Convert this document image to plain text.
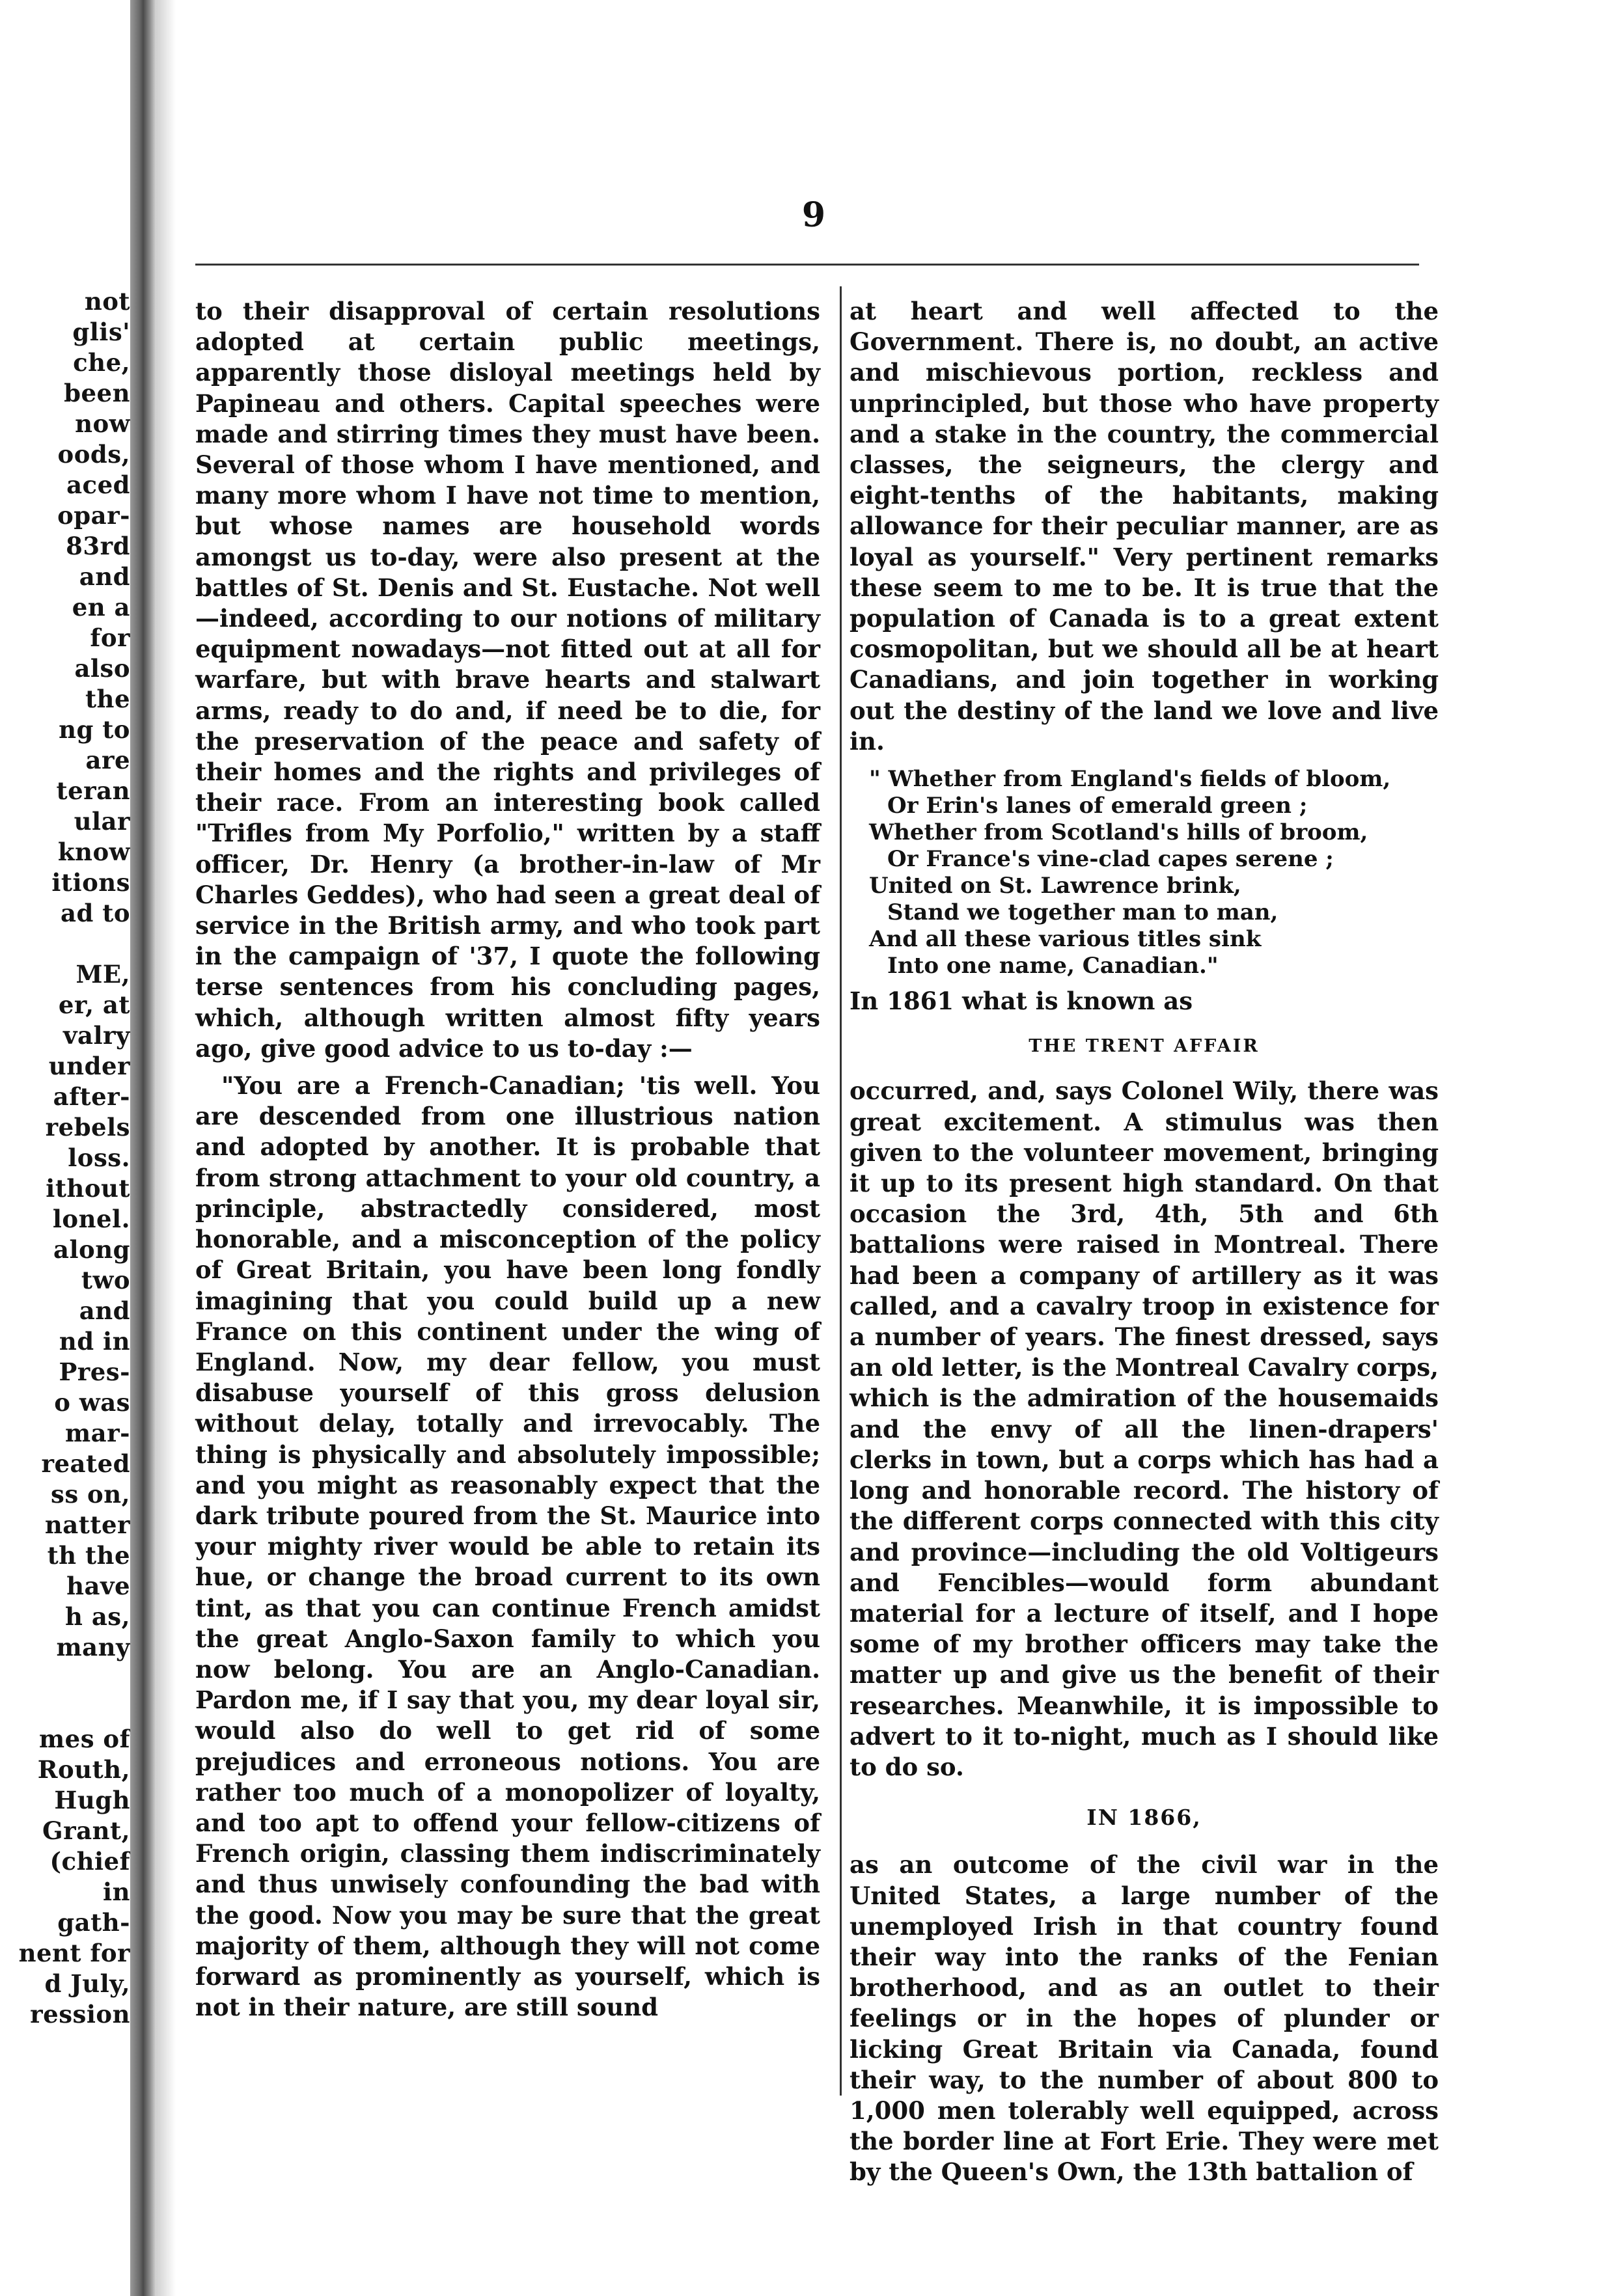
not
glis'
che,
been
now
oods,
aced
opar-
83rd
and
en a
for
also
the
ng to
are
teran
ular
know
itions
ad to
ME,
er, at
valry
under
after-
rebels
loss.
ithout
lonel.
along
two
and
nd in
Pres-
o was
mar-
reated
ss on,
natter
th the
have
h as,
many
mes of
Routh,
Hugh
Grant,
(chief
in
gath-
nent for
d July,
ression
9

to their disapproval of certain resolutions adopted at certain public meetings, apparently those disloyal meetings held by Papineau and others. Capital speeches were made and stirring times they must have been. Several of those whom I have mentioned, and many more whom I have not time to mention, but whose names are household words amongst us to-day, were also present at the battles of St. Denis and St. Eustache. Not well—indeed, according to our notions of military equipment nowadays—not fitted out at all for warfare, but with brave hearts and stalwart arms, ready to do and, if need be to die, for the preservation of the peace and safety of their homes and the rights and privileges of their race. From an interesting book called "Trifles from My Porfolio," written by a staff officer, Dr. Henry (a brother-in-law of Mr Charles Geddes), who had seen a great deal of service in the British army, and who took part in the campaign of '37, I quote the following terse sentences from his concluding pages, which, although written almost fifty years ago, give good advice to us to-day :—

"You are a French-Canadian; 'tis well. You are descended from one illustrious nation and adopted by another. It is probable that from strong attachment to your old country, a principle, abstractedly considered, most honorable, and a misconception of the policy of Great Britain, you have been long fondly imagining that you could build up a new France on this continent under the wing of England. Now, my dear fellow, you must disabuse yourself of this gross delusion without delay, totally and irrevocably. The thing is physically and absolutely impossible; and you might as reasonably expect that the dark tribute poured from the St. Maurice into your mighty river would be able to retain its hue, or change the broad current to its own tint, as that you can continue French amidst the great Anglo-Saxon family to which you now belong. You are an Anglo-Canadian. Pardon me, if I say that you, my dear loyal sir, would also do well to get rid of some prejudices and erroneous notions. You are rather too much of a monopolizer of loyalty, and too apt to offend your fellow-citizens of French origin, classing them indiscriminately and thus unwisely confounding the bad with the good. Now you may be sure that the great majority of them, although they will not come forward as prominently as yourself, which is not in their nature, are still sound

at heart and well affected to the Government. There is, no doubt, an active and mischievous portion, reckless and unprincipled, but those who have property and a stake in the country, the commercial classes, the seigneurs, the clergy and eight-tenths of the habitants, making allowance for their peculiar manner, are as loyal as yourself." Very pertinent remarks these seem to me to be. It is true that the population of Canada is to a great extent cosmopolitan, but we should all be at heart Canadians, and join together in working out the destiny of the land we love and live in.

" Whether from England's fields of bloom,
Or Erin's lanes of emerald green ;
Whether from Scotland's hills of broom,
Or France's vine-clad capes serene ;
United on St. Lawrence brink,
Stand we together man to man,
And all these various titles sink
Into one name, Canadian."

In 1861 what is known as

THE TRENT AFFAIR

occurred, and, says Colonel Wily, there was great excitement. A stimulus was then given to the volunteer movement, bringing it up to its present high standard. On that occasion the 3rd, 4th, 5th and 6th battalions were raised in Montreal. There had been a company of artillery as it was called, and a cavalry troop in existence for a number of years. The finest dressed, says an old letter, is the Montreal Cavalry corps, which is the admiration of the housemaids and the envy of all the linen-drapers' clerks in town, but a corps which has had a long and honorable record. The history of the different corps connected with this city and province—including the old Voltigeurs and Fencibles—would form abundant material for a lecture of itself, and I hope some of my brother officers may take the matter up and give us the benefit of their researches. Meanwhile, it is impossible to advert to it to-night, much as I should like to do so.

IN 1866,

as an outcome of the civil war in the United States, a large number of the unemployed Irish in that country found their way into the ranks of the Fenian brotherhood, and as an outlet to their feelings or in the hopes of plunder or licking Great Britain via Canada, found their way, to the number of about 800 to 1,000 men tolerably well equipped, across the border line at Fort Erie. They were met by the Queen's Own, the 13th battalion of
